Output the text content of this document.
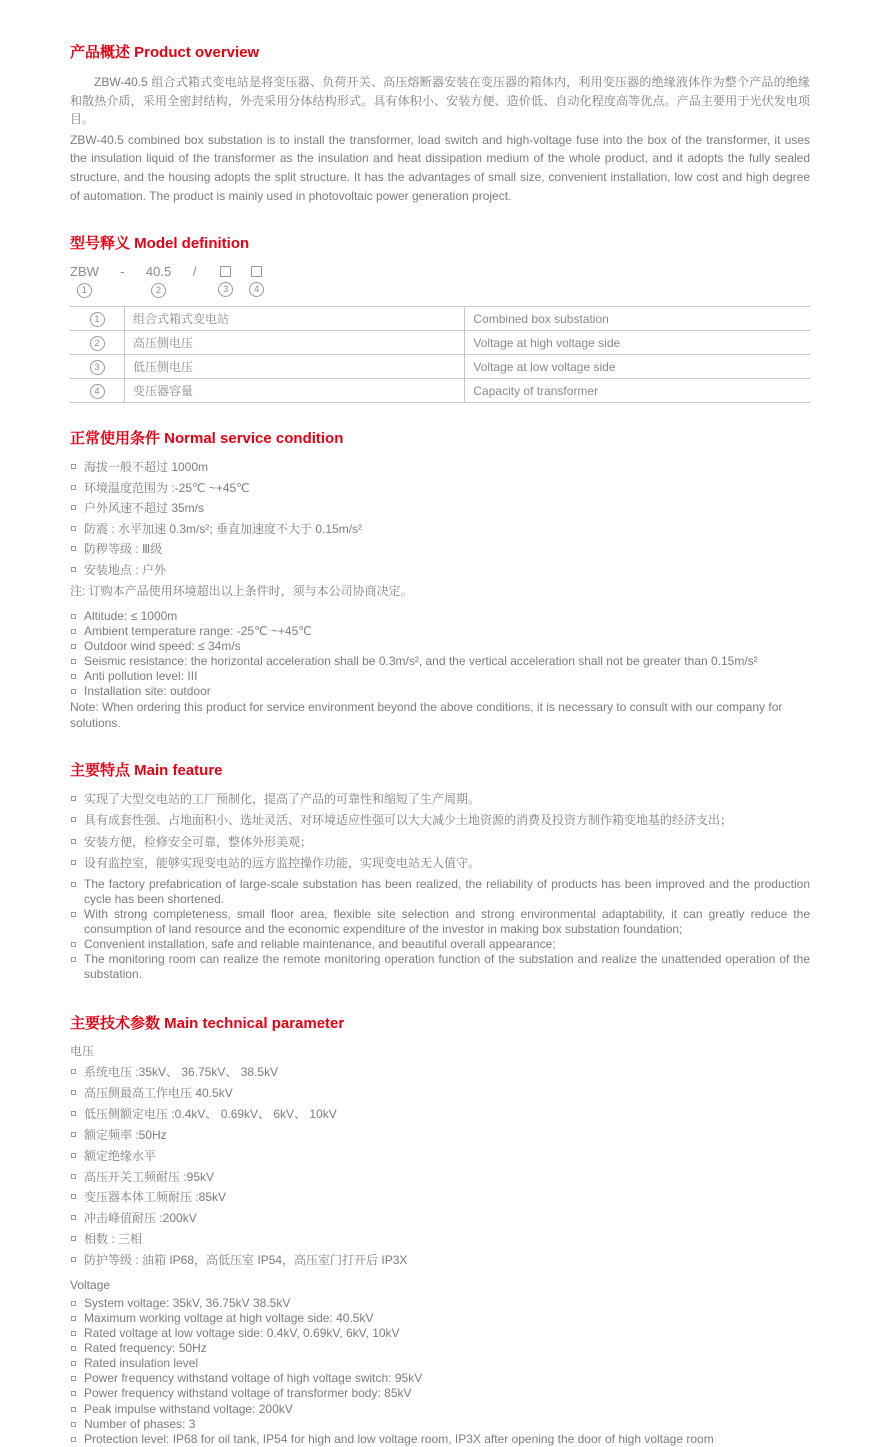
产品概述 Product overview

ZBW-40.5 组合式箱式变电站是将变压器、负荷开关、高压熔断器安装在变压器的箱体内，利用变压器的绝缘液体作为整个产品的绝缘和散热介质，采用全密封结构，外壳采用分体结构形式。具有体积小、安装方便、造价低、自动化程度高等优点。产品主要用于光伏发电项目。

ZBW-40.5 combined box substation is to install the transformer, load switch and high-voltage fuse into the box of the transformer, it uses the insulation liquid of the transformer as the insulation and heat dissipation medium of the whole product, and it adopts the fully sealed structure, and the housing adopts the split structure. It has the advantages of small size, convenient installation, low cost and high degree of automation. The product is mainly used in photovoltaic power generation project.

型号释义 Model definition
ZBW
1
- 40.5
2
/
3	4
1	组合式箱式变电站	Combined box substation
2	高压侧电压	Voltage at high voltage side
3	低压侧电压	Voltage at low voltage side
4	变压器容量	Capacity of transformer
正常使用条件 Normal service condition
海拔一般不超过 1000m
环境温度范围为 :-25℃ ~+45℃
户外风速不超过 35m/s
防震 : 水平加速 0.3m/s²; 垂直加速度不大于 0.15m/s²
防秽等级 : Ⅲ级
安装地点 : 户外

注: 订购本产品使用环境超出以上条件时，须与本公司协商决定。

Altitude: ≤ 1000m
Ambient temperature range: -25℃ ~+45℃
Outdoor wind speed: ≤ 34m/s
Seismic resistance: the horizontal acceleration shall be 0.3m/s², and the vertical acceleration shall not be greater than 0.15m/s²
Anti pollution level: III
Installation site: outdoor

Note: When ordering this product for service environment beyond the above conditions, it is necessary to consult with our company for solutions.

主要特点 Main feature
实现了大型交电站的工厂预制化，提高了产品的可靠性和缩短了生产周期。
具有成套性强、占地面积小、选址灵活、对环境适应性强可以大大减少土地资源的消费及投资方制作箱变地基的经济支出；
安装方便，检修安全可靠，整体外形美观；
设有监控室，能够实现变电站的远方监控操作功能，实现变电站无人值守。
The factory prefabrication of large-scale substation has been realized, the reliability of products has been improved and the production cycle has been shortened.
With strong completeness, small floor area, flexible site selection and strong environmental adaptability, it can greatly reduce the consumption of land resource and the economic expenditure of the investor in making box substation foundation;
Convenient installation, safe and reliable maintenance, and beautiful overall appearance;
The monitoring room can realize the remote monitoring operation function of the substation and realize the unattended operation of the substation.
主要技术参数 Main technical parameter

电压

系统电压 :35kV、 36.75kV、 38.5kV
高压侧最高工作电压 40.5kV
低压侧额定电压 :0.4kV、 0.69kV、 6kV、 10kV
额定频率 :50Hz
额定绝缘水平
高压开关工频耐压 :95kV
变压器本体工频耐压 :85kV
冲击峰值耐压 :200kV
相数 : 三相
防护等级 : 油箱 IP68，高低压室 IP54，高压室门打开后 IP3X

Voltage

System voltage: 35kV, 36.75kV 38.5kV
Maximum working voltage at high voltage side: 40.5kV
Rated voltage at low voltage side: 0.4kV, 0.69kV, 6kV, 10kV
Rated frequency: 50Hz
Rated insulation level
Power frequency withstand voltage of high voltage switch: 95kV
Power frequency withstand voltage of transformer body: 85kV
Peak impulse withstand voltage: 200kV
Number of phases: 3
Protection level: IP68 for oil tank, IP54 for high and low voltage room, IP3X after opening the door of high voltage room
